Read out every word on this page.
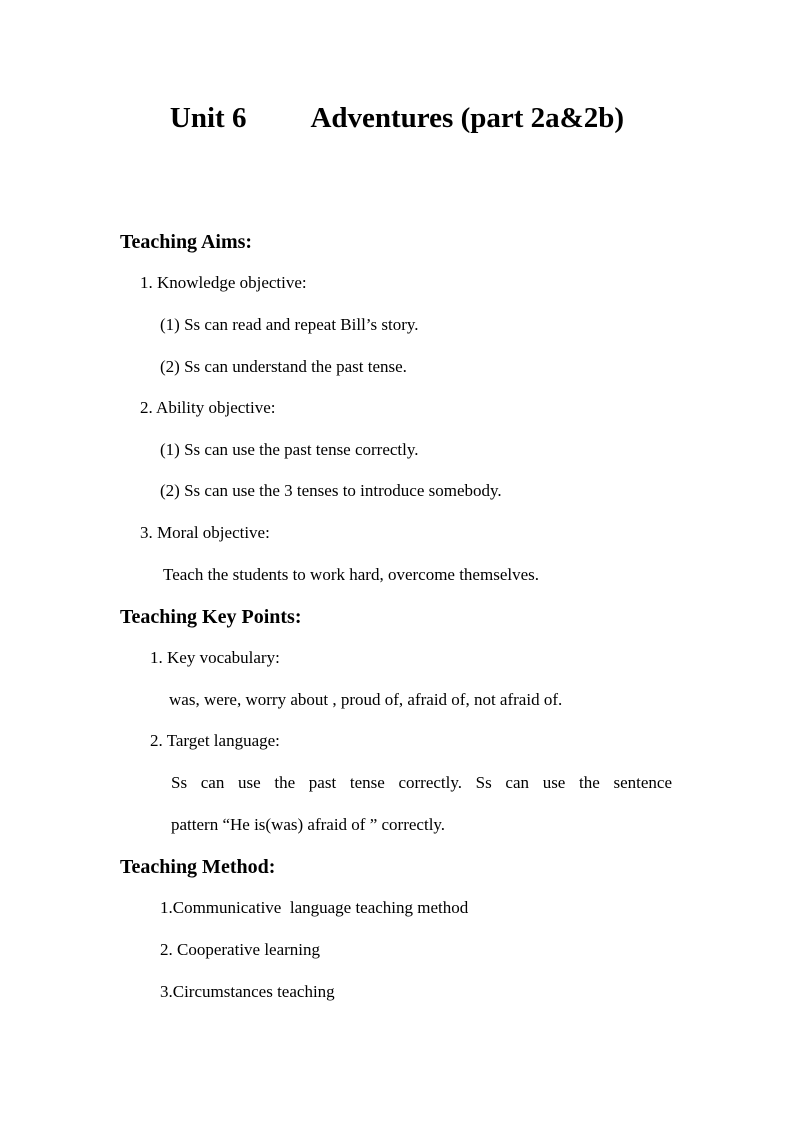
Unit 6 Adventures (part 2a&2b)
Teaching Aims:
1. Knowledge objective:
(1) Ss can read and repeat Bill’s story.
(2) Ss can understand the past tense.
2. Ability objective:
(1) Ss can use the past tense correctly.
(2) Ss can use the 3 tenses to introduce somebody.
3. Moral objective:
Teach the students to work hard, overcome themselves.
Teaching Key Points:
1. Key vocabulary:
was, were, worry about , proud of, afraid of, not afraid of.
2. Target language:
Ss can use the past tense correctly. Ss can use the sentence
pattern “He is(was) afraid of ” correctly.
Teaching Method:
1.Communicative  language teaching method
2. Cooperative learning
3.Circumstances teaching
